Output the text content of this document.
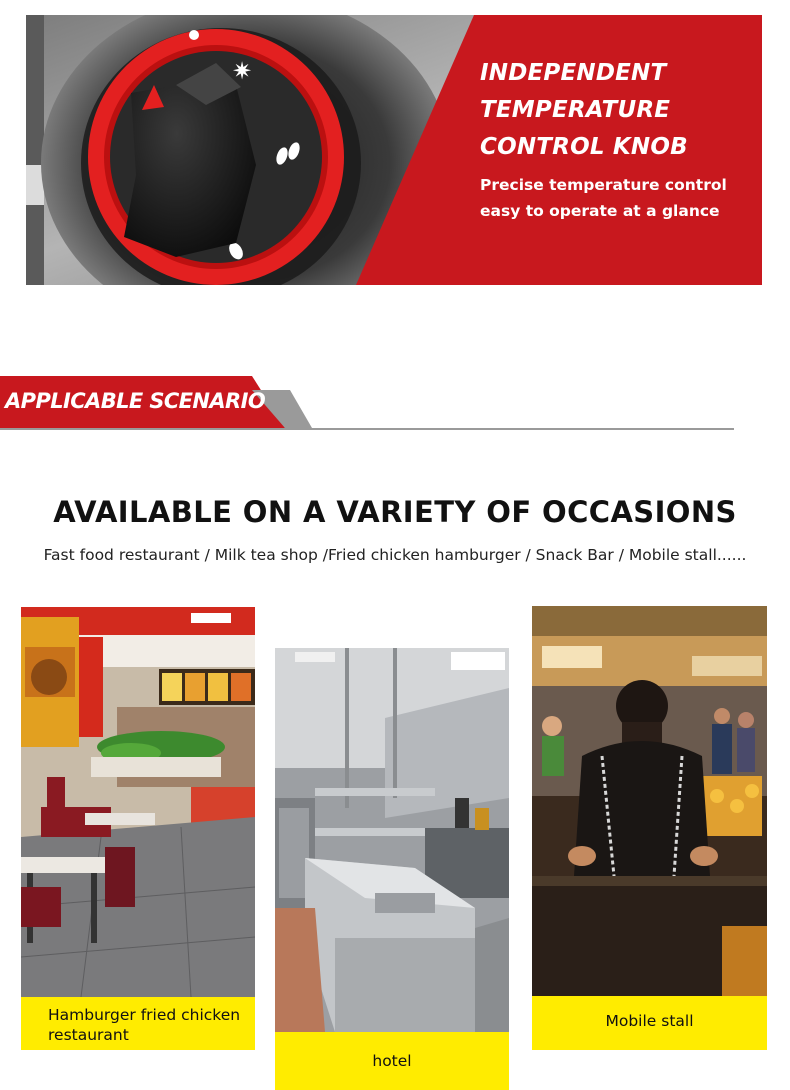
✷	INDEPENDENT
TEMPERATURE
CONTROL KNOB
Precise temperature control
easy to operate at a glance
APPLICABLE SCENARIO
AVAILABLE ON A VARIETY OF OCCASIONS
Fast food restaurant / Milk tea shop /Fried chicken hamburger / Snack Bar / Mobile stall......
Hamburger fried chicken
restaurant
hotel
Mobile stall
